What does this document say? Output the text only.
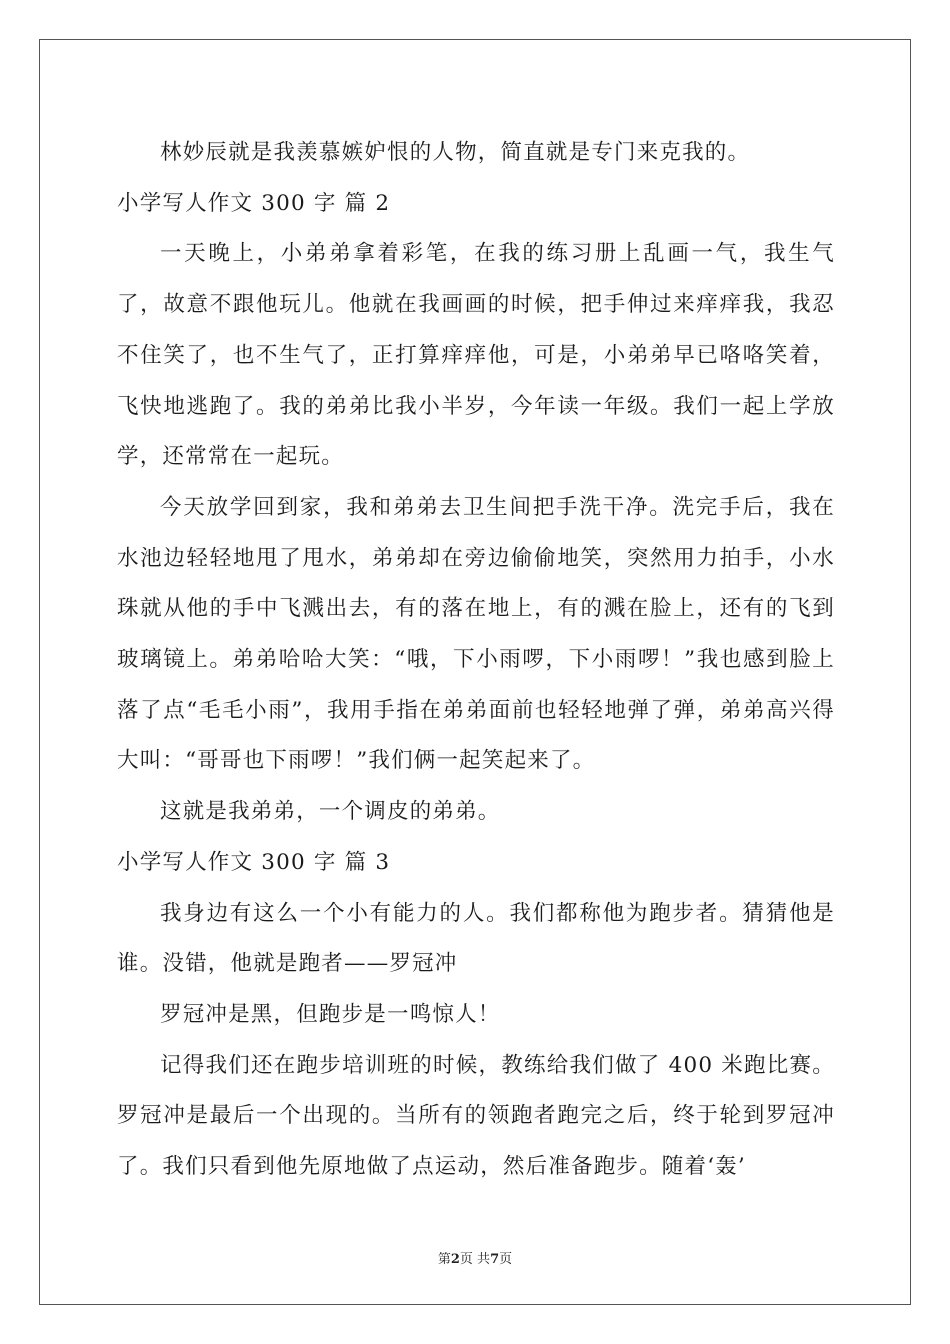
林妙辰就是我羡慕嫉妒恨的人物，简直就是专门来克我的。

小学写人作文 300 字 篇 2

一天晚上，小弟弟拿着彩笔，在我的练习册上乱画一气，我生气了，故意不跟他玩儿。他就在我画画的时候，把手伸过来痒痒我，我忍不住笑了，也不生气了，正打算痒痒他，可是，小弟弟早已咯咯笑着，飞快地逃跑了。我的弟弟比我小半岁，今年读一年级。我们一起上学放学，还常常在一起玩。

今天放学回到家，我和弟弟去卫生间把手洗干净。洗完手后，我在水池边轻轻地甩了甩水，弟弟却在旁边偷偷地笑，突然用力拍手，小水珠就从他的手中飞溅出去，有的落在地上，有的溅在脸上，还有的飞到玻璃镜上。弟弟哈哈大笑：“哦，下小雨啰，下小雨啰！”我也感到脸上落了点“毛毛小雨”，我用手指在弟弟面前也轻轻地弹了弹，弟弟高兴得大叫：“哥哥也下雨啰！”我们俩一起笑起来了。

这就是我弟弟，一个调皮的弟弟。

小学写人作文 300 字 篇 3

我身边有这么一个小有能力的人。我们都称他为跑步者。猜猜他是谁。没错，他就是跑者——罗冠冲

罗冠冲是黑，但跑步是一鸣惊人！

记得我们还在跑步培训班的时候，教练给我们做了 400 米跑比赛。罗冠冲是最后一个出现的。当所有的领跑者跑完之后，终于轮到罗冠冲了。我们只看到他先原地做了点运动，然后准备跑步。随着‘轰’

第2页 共7页
